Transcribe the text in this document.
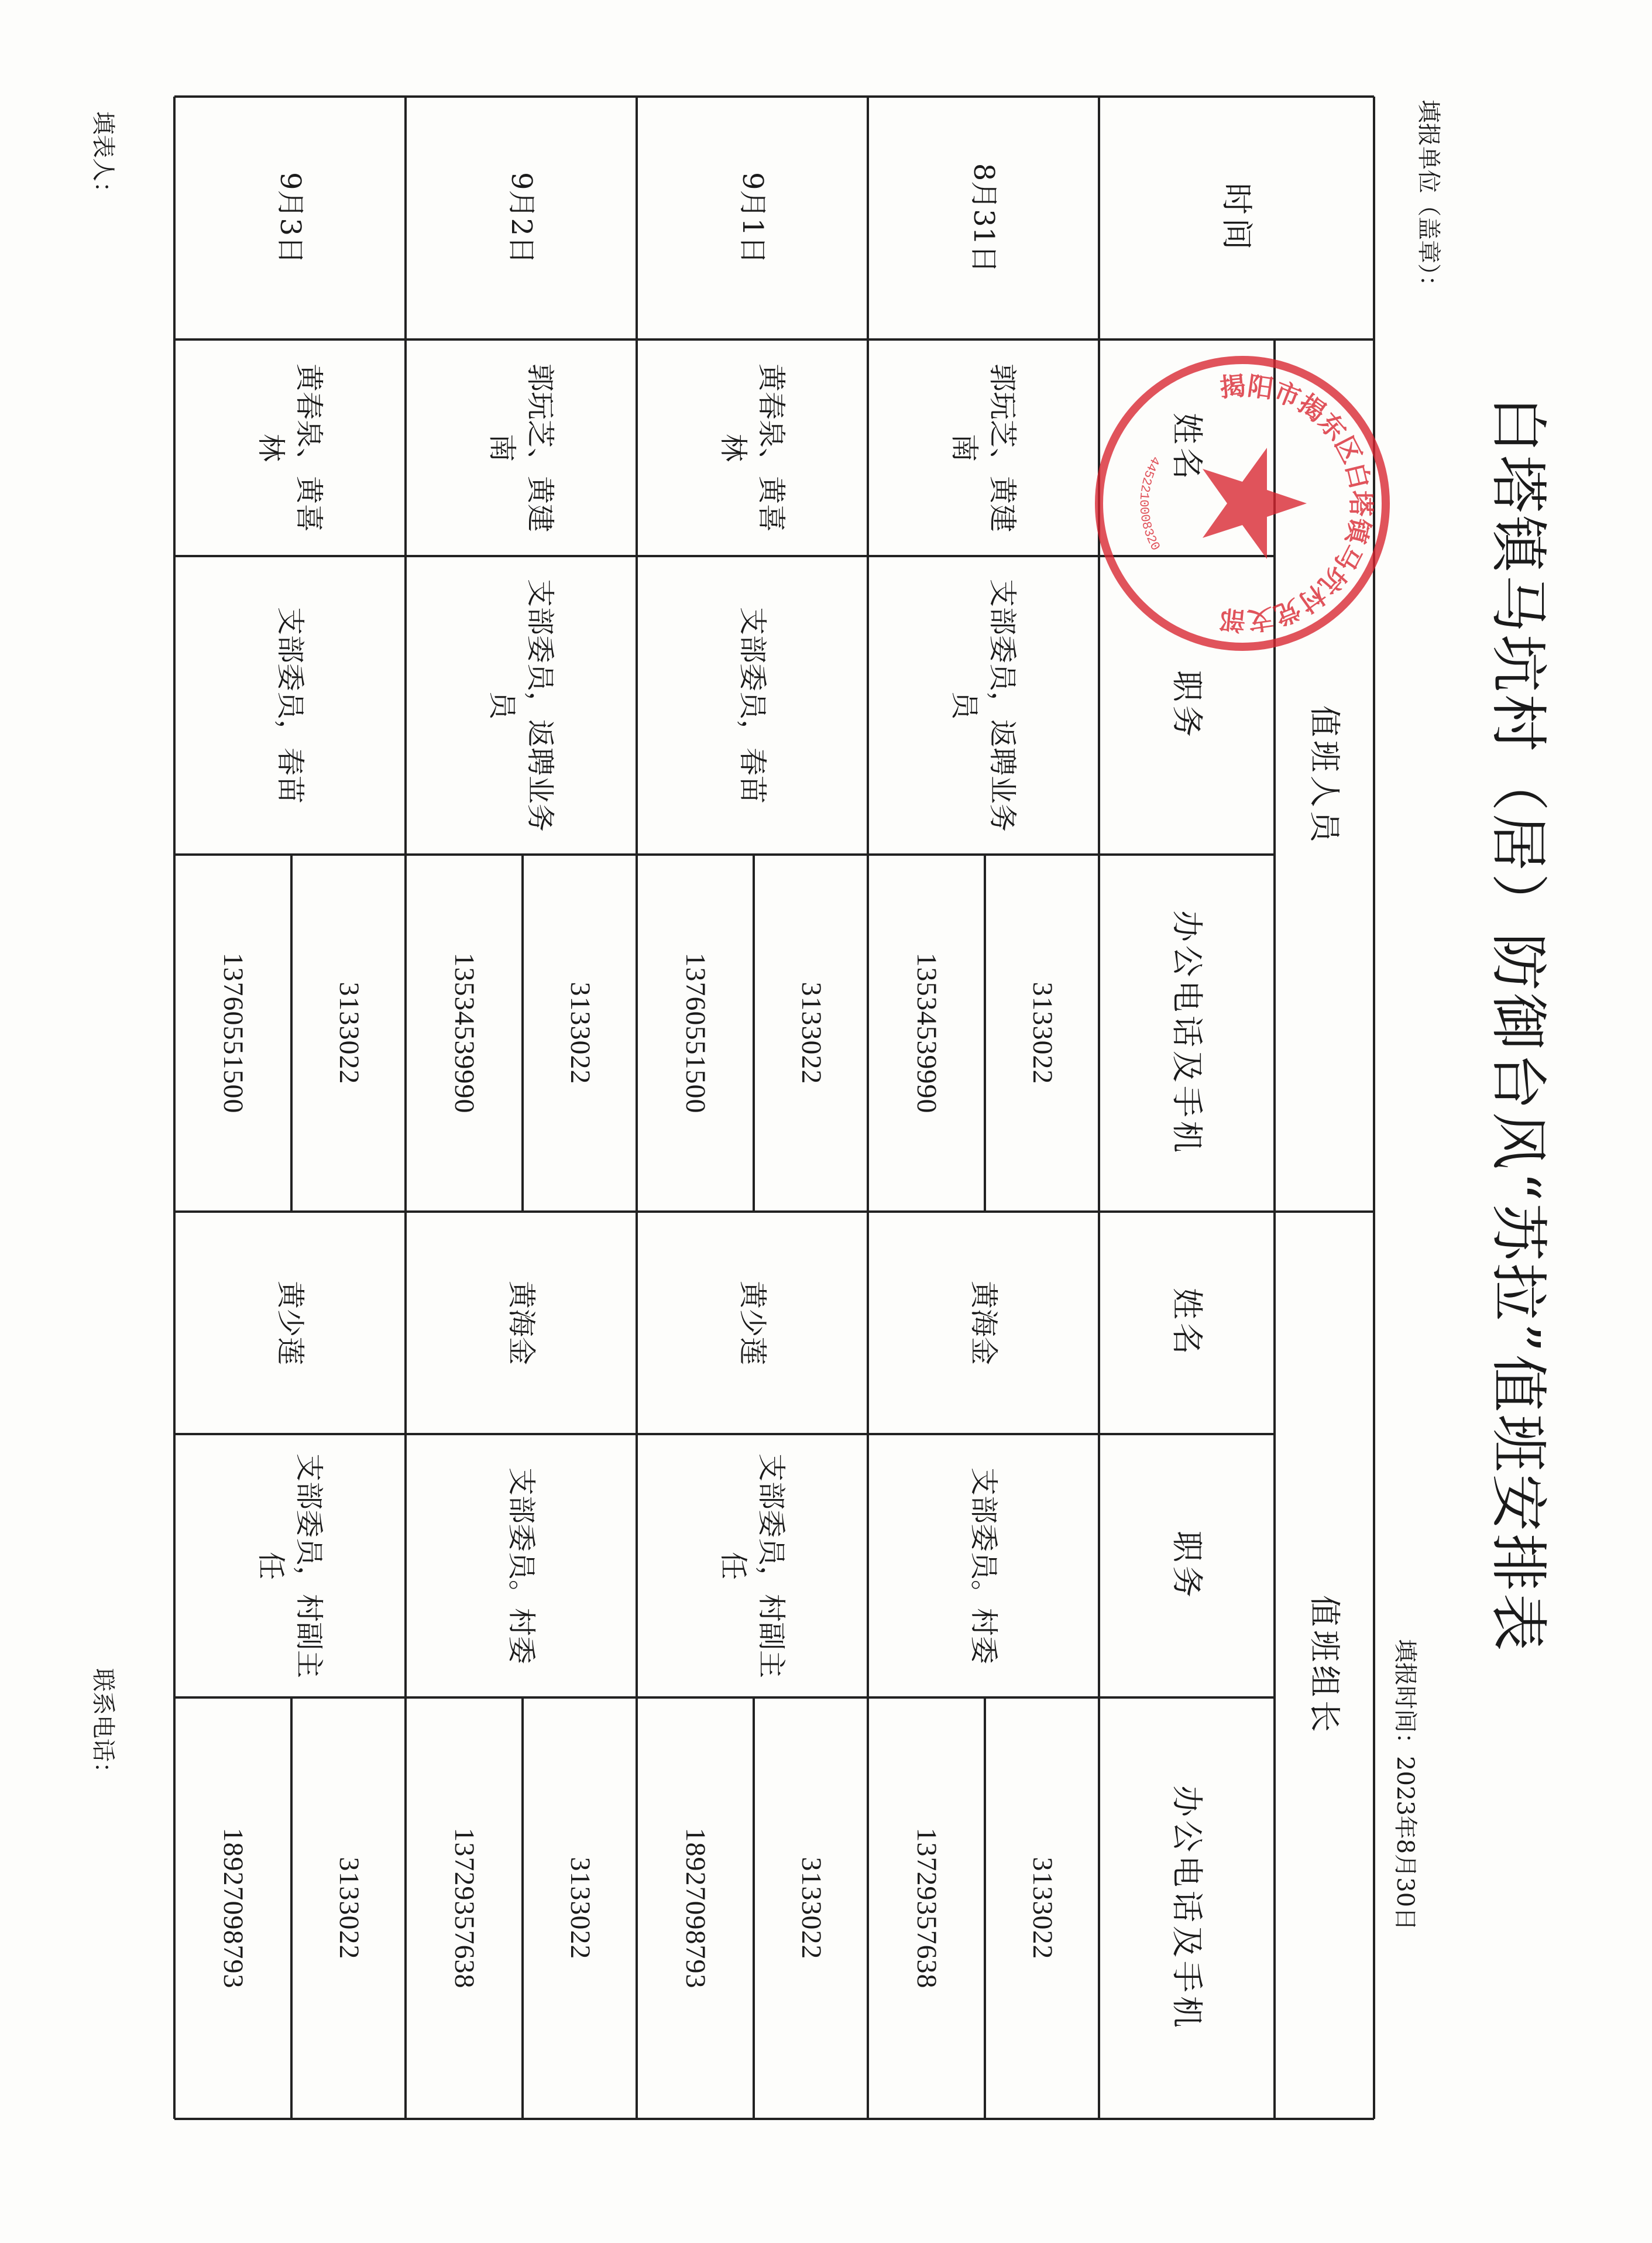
白塔镇马坑村（居）防御台风“苏拉”值班安排表
填报单位（盖章）：
填报时间：2023年8月30日
时间
值班人员
值班组长
姓名
职务
办公电话及手机
姓名
职务
办公电话及手机
8月31日
郭玩芝、黄建南
支部委员，返聘业务员
3133022
13534539990
黄海金
支部委员。村委
3133022
13729357638
9月1日
黄春泉、黄喜林
支部委员，春苗
3133022
13760551500
黄少莲
支部委员，村副主任
3133022
18927098793
9月2日
郭玩芝、黄建南
支部委员，返聘业务员
3133022
13534539990
黄海金
支部委员。村委
3133022
13729357638
9月3日
黄春泉、黄喜林
支部委员，春苗
3133022
13760551500
黄少莲
支部委员，村副主任
3133022
18927098793
填表人：
联系电话：
揭阳市揭东区白塔镇马坑村党支部
4452210008320
